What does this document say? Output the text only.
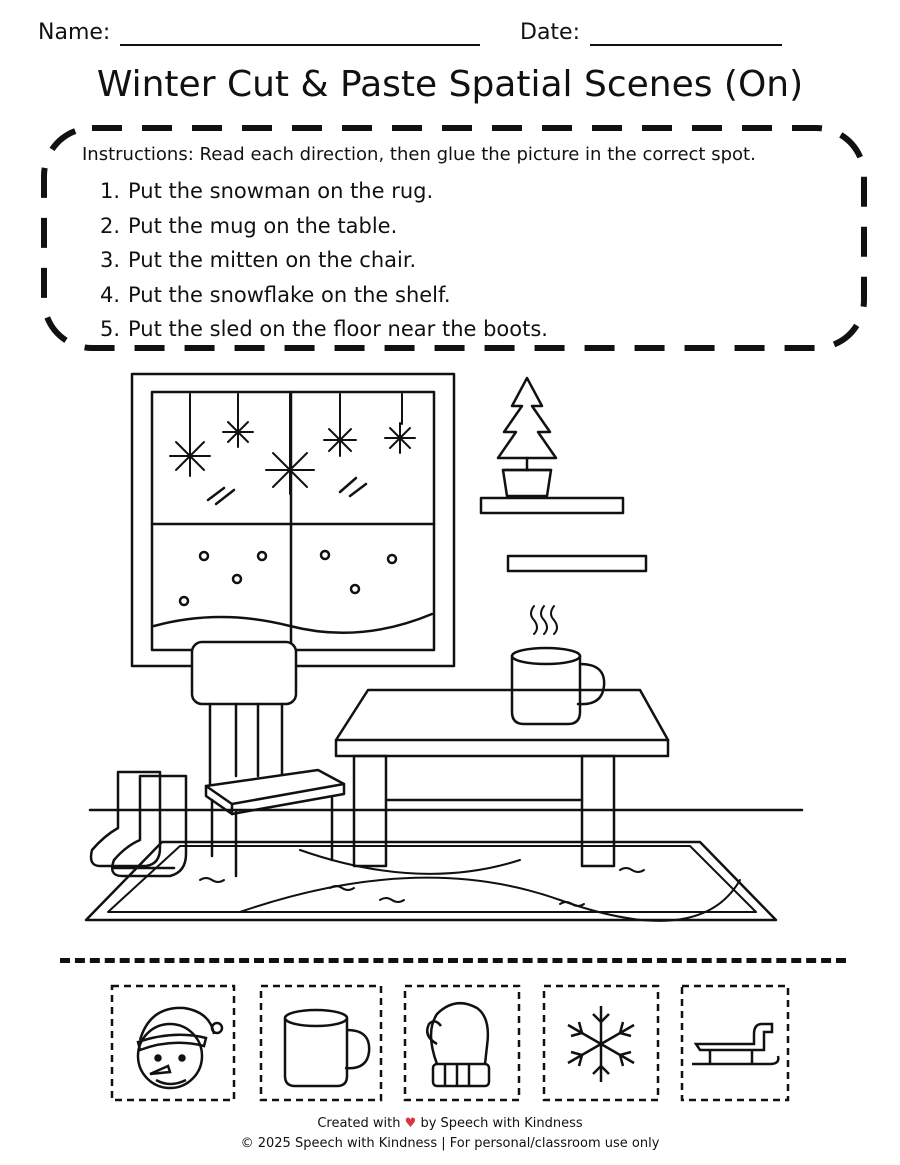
Name:	Date:
Winter Cut & Paste Spatial Scenes (On)
Instructions: Read each direction, then glue the picture in the correct spot.
1. Put the snowman on the rug.
2. Put the mug on the table.
3. Put the mitten on the chair.
4. Put the snowflake on the shelf.
5. Put the sled on the floor near the boots.
Created with ♥ by Speech with Kindness
© 2025 Speech with Kindness | For personal/classroom use only
